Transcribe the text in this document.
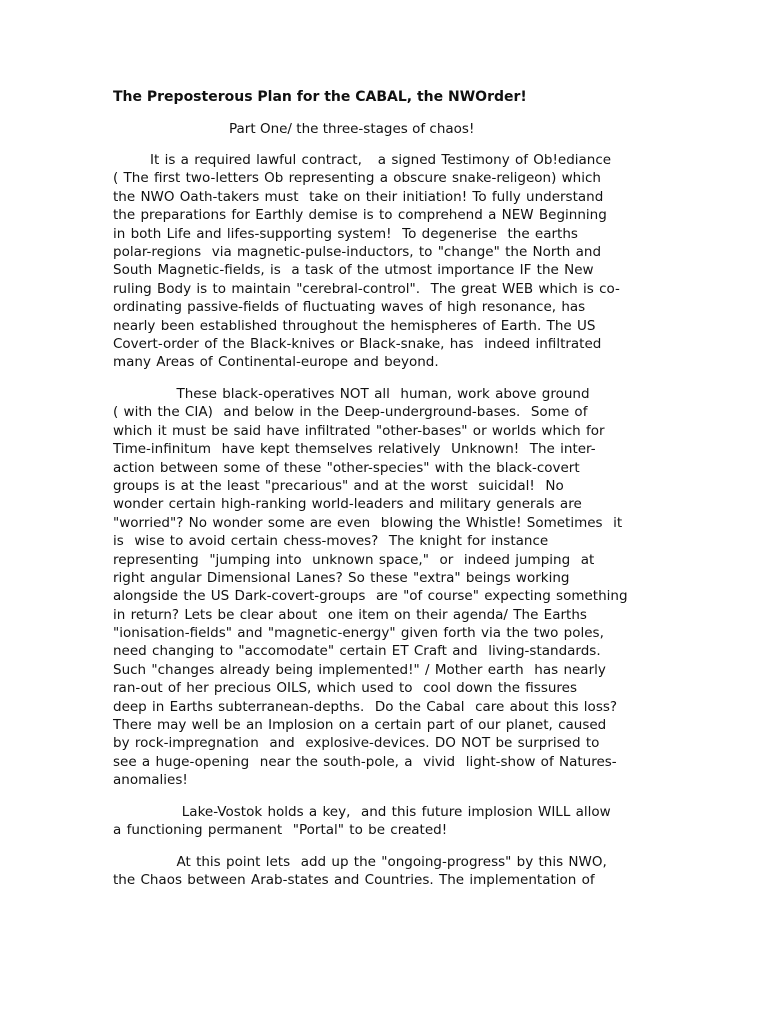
The Preposterous Plan for the CABAL, the NWOrder!
Part One/ the three-stages of chaos!
It is a required lawful contract,   a signed Testimony of Ob!ediance
( The first two-letters Ob representing a obscure snake-religeon) which
the NWO Oath-takers must  take on their initiation! To fully understand
the preparations for Earthly demise is to comprehend a NEW Beginning
in both Life and lifes-supporting system!  To degenerise  the earths
polar-regions  via magnetic-pulse-inductors, to "change" the North and
South Magnetic-fields, is  a task of the utmost importance IF the New
ruling Body is to maintain "cerebral-control".  The great WEB which is co-
ordinating passive-fields of fluctuating waves of high resonance, has
nearly been established throughout the hemispheres of Earth. The US
Covert-order of the Black-knives or Black-snake, has  indeed infiltrated
many Areas of Continental-europe and beyond.
These black-operatives NOT all  human, work above ground
( with the CIA)  and below in the Deep-underground-bases.  Some of
which it must be said have infiltrated "other-bases" or worlds which for
Time-infinitum  have kept themselves relatively  Unknown!  The inter-
action between some of these "other-species" with the black-covert
groups is at the least "precarious" and at the worst  suicidal!  No
wonder certain high-ranking world-leaders and military generals are
"worried"? No wonder some are even  blowing the Whistle! Sometimes  it
is  wise to avoid certain chess-moves?  The knight for instance
representing  "jumping into  unknown space,"  or  indeed jumping  at
right angular Dimensional Lanes? So these "extra" beings working
alongside the US Dark-covert-groups  are "of course" expecting something
in return? Lets be clear about  one item on their agenda/ The Earths
"ionisation-fields" and "magnetic-energy" given forth via the two poles,
need changing to "accomodate" certain ET Craft and  living-standards.
Such "changes already being implemented!" / Mother earth  has nearly
ran-out of her precious OILS, which used to  cool down the fissures
deep in Earths subterranean-depths.  Do the Cabal  care about this loss?
There may well be an Implosion on a certain part of our planet, caused
by rock-impregnation  and  explosive-devices. DO NOT be surprised to
see a huge-opening  near the south-pole, a  vivid  light-show of Natures-
anomalies!
Lake-Vostok holds a key,  and this future implosion WILL allow
a functioning permanent  "Portal" to be created!
At this point lets  add up the "ongoing-progress" by this NWO,
the Chaos between Arab-states and Countries. The implementation of
